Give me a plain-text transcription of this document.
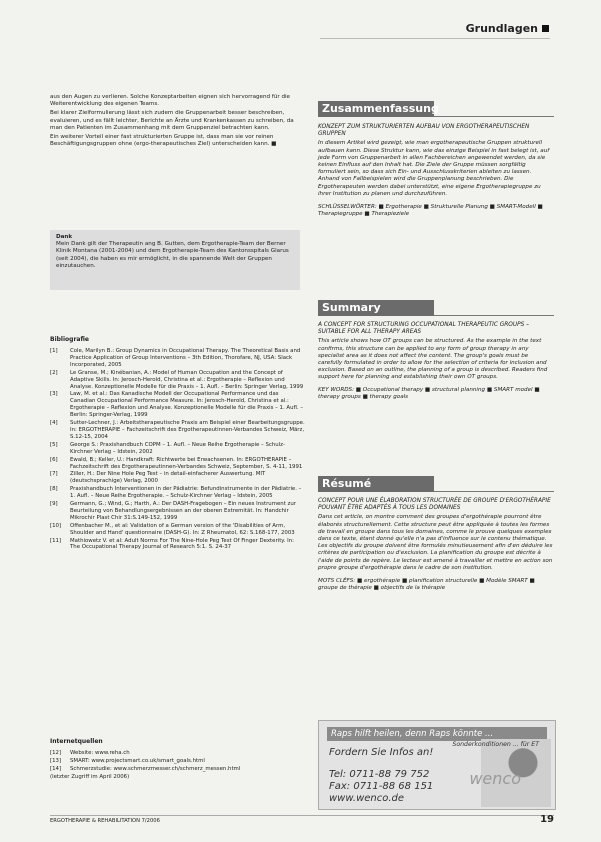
Grundlagen

aus den Augen zu verlieren. Solche Konzeptarbeiten eignen sich hervorragend für die Weiterentwicklung des eigenen Teams.

Bei klarer Zielformulierung lässt sich zudem die Gruppenarbeit besser beschreiben, evaluieren, und es fällt leichter, Berichte an Ärzte und Krankenkassen zu schreiben, da man den Patienten im Zusammenhang mit dem Gruppenziel betrachten kann.

Ein weiterer Vorteil einer fast strukturierten Gruppe ist, dass man sie vor reinen Beschäftigungsgruppen ohne (ergo-therapeutisches Ziel) unterscheiden kann. ■

Dank
Mein Dank gilt der Therapeutin ang B. Gutten, dem Ergotherapie-Team der Berner Klinik Montana (2001-2004) und dem Ergotherapie-Team des Kantonsspitals Glarus (seit 2004), die haben es mir ermöglicht, in die spannende Welt der Gruppen einzutauchen.
Bibliografie
[1]	Cole, Marilyn B.: Group Dynamics in Occupational Therapy. The Theoretical Basis and Practice Application of Group Interventions – 3th Edition, Thorofare, NJ, USA: Slack Incorporated, 2005
[2]	Le Granse, M.; Kinébanian, A.: Model of Human Occupation and the Concept of Adaptive Skills. In: Jerosch-Herold, Christina et al.: Ergotherapie – Reflexion und Analyse. Konzeptionelle Modelle für die Praxis – 1. Aufl. – Berlin: Springer Verlag, 1999
[3]	Law, M. et al.: Das Kanadische Modell der Occupational Performance und das Canadian Occupational Performance Measure. In: Jerosch-Herold, Christina et al.: Ergotherapie – Reflexion und Analyse. Konzeptionelle Modelle für die Praxis – 1. Aufl. – Berlin: Springer-Verlag, 1999
[4]	Sutter-Lechner, J.: Arbeitstherapeutische Praxis am Beispiel einer Bearbeitungsgruppe. In: ERGOTHERAPIE – Fachzeitschrift des Ergotherapeutinnen-Verbandes Schweiz, März, S.12-15, 2004
[5]	George S.: Praxishandbuch COPM – 1. Aufl. – Neue Reihe Ergotherapie – Schulz-Kirchner Verlag – Idstein, 2002
[6]	Ewald, B.; Keller, U.: Handkraft: Richtwerte bei Erwachsenen. In: ERGOTHERAPIE – Fachzeitschrift des Ergotherapeutinnen-Verbandes Schweiz, September, S. 4-11, 1991
[7]	Ziller, H.: Der Nine Hole Peg Test – in detail-einfacherer Auswertung. MIT (deutschsprachige) Verlag, 2000
[8]	Praxishandbuch Interventionen in der Pädiatrie: Befundinstrumente in der Pädiatrie. – 1. Aufl. – Neue Reihe Ergotherapie. – Schulz-Kirchner Verlag – Idstein, 2005
[9]	Germann, G.; Wind, G.; Harth, A.: Der DASH-Fragebogen – Ein neues Instrument zur Beurteilung von Behandlungsergebnissen an der oberen Extremität. In: Handchir Mikrochir Plast Chir 31:S.149-152, 1999
[10]	Offenbacher M., et al: Validation of a German version of the 'Disabilities of Arm, Shoulder and Hand' questionnaire (DASH-G). In: Z Rheumatol, 62: S.168-177, 2003
[11]	Mathiowetz V. et al: Adult Norms For The Nine-Hole Peg Test Of Finger Dexterity. In: The Occupational Therapy Journal of Research 5:1. S. 24-37
Internetquellen
[12]	Website: www.reha.ch
[13]	SMART: www.projectsmart.co.uk/smart_goals.html
[14]	Schmerzstudie: www.schmerzmesser.ch/schmerz_messen.html
(letzter Zugriff im April 2006)
Zusammenfassung

KONZEPT ZUM STRUKTURIERTEN AUFBAU VON ERGOTHERAPEUTISCHEN GRUPPEN

In diesem Artikel wird gezeigt, wie man ergotherapeutische Gruppen strukturell aufbauen kann. Diese Struktur kann, wie das einzige Beispiel in fast belegt ist, auf jede Form von Gruppenarbeit in allen Fachbereichen angewendet werden, da sie keinen Einfluss auf den Inhalt hat. Die Ziele der Gruppe müssen sorgfältig formuliert sein, so dass sich Ein- und Ausschlusskriterien ableiten zu lassen. Anhand von Fallbeispielen wird die Gruppenplanung beschrieben. Die Ergotherapeuten werden dabei unterstützt, eine eigene Ergotherapiegruppe zu ihrer Institution zu planen und durchzuführen.

SCHLÜSSELWÖRTER: ■ Ergotherapie ■ Strukturelle Planung ■ SMART-Modell ■ Therapiegruppe ■ Therapieziele

Summary

A CONCEPT FOR STRUCTURING OCCUPATIONAL THERAPEUTIC GROUPS – SUITABLE FOR ALL THERAPY AREAS

This article shows how OT groups can be structured. As the example in the text confirms, this structure can be applied to any form of group therapy in any specialist area as it does not affect the content. The group's goals must be carefully formulated in order to allow for the selection of criteria for inclusion and exclusion. Based on an outline, the planning of a group is described. Readers find support here for planning and establishing their own OT groups.

KEY WORDS: ■ Occupational therapy ■ structural planning ■ SMART model ■ therapy groups ■ therapy goals

Résumé

CONCEPT POUR UNE ÉLABORATION STRUCTURÉE DE GROUPE D'ERGOTHÉRAPIE POUVANT ÊTRE ADAPTÉS À TOUS LES DOMAINES

Dans cet article, on montre comment des groupes d'ergothérapie pourront être élaborés structurellement. Cette structure peut être appliquée à toutes les formes de travail en groupe dans tous les domaines, comme le prouve quelques exemples dans ce texte, étant donné qu'elle n'a pas d'influence sur le contenu thématique. Les objectifs du groupe doivent être formulés minutieusement afin d'en déduire les critères de participation ou d'exclusion. La planification du groupe est décrite à l'aide de points de repère. Le lecteur est amené à travailler et mettre en action son propre groupe d'ergothérapie dans le cadre de son institution.

MOTS CLÉFS: ■ ergothérapie ■ planification structurelle ■ Modèle SMART ■ groupe de thérapie ■ objectifs de la thérapie

Raps hilft heilen, denn Raps könnte ...
Fordern Sie Infos an!
Sonderkonditionen ... für ET
wenco
Tel: 0711-88 79 752
Fax: 0711-88 68 151
www.wenco.de
ERGOTHERAPIE & REHABILITATION 7/2006	19
